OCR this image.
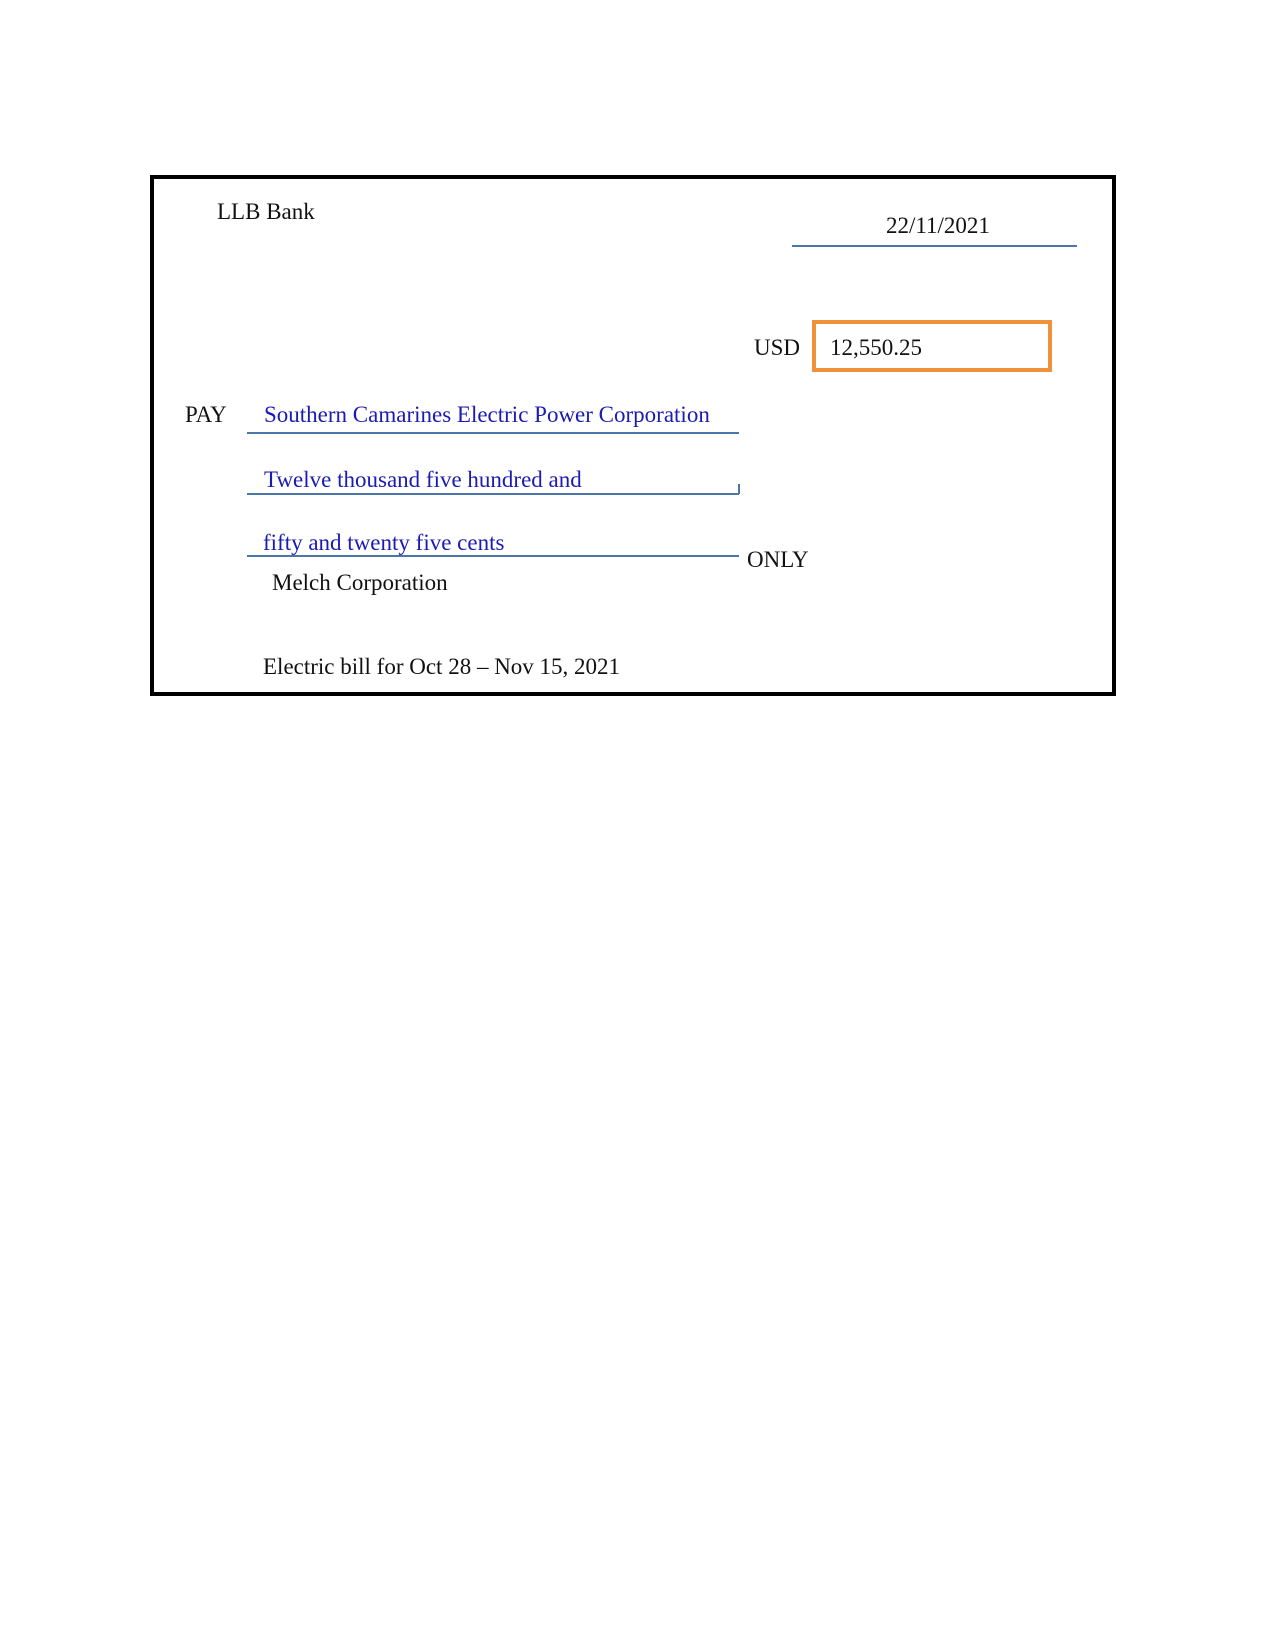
LLB Bank
22/11/2021
USD 12,550.25
PAY Southern Camarines Electric Power Corporation
Twelve thousand five hundred and
fifty and twenty five cents
ONLY
Melch Corporation
Electric bill for Oct 28 – Nov 15, 2021
